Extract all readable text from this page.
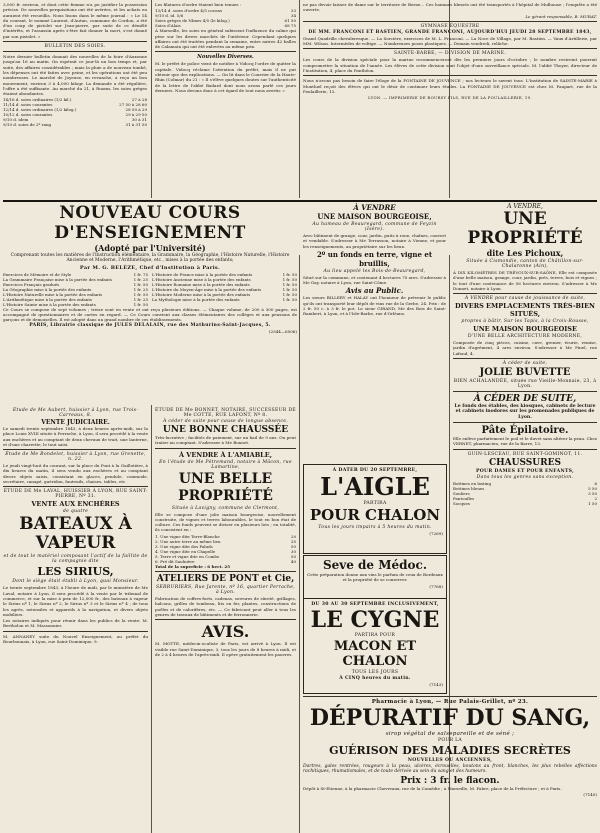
3,000 fr. environ, et dont cette femme n'a pu justifier la possession précise. De nouvelles perquisitions ont été avérées, et les achats en auraient été recueillis. Nous lisons dans le même journal : « Le 14 du courant, le nommé Laurent, d'Autun, commune de Cordon, a été d'un coup de pistolet sur Jean-pierre, par suite de ce démêlé d'intérêts, et l'assassin après s'être fait donner la mort, s'est donné par son pistolet. »

BULLETIN DES SOIES.

Notre dernier bulletin donnait des nouvelles de la foire d'Auxonne jusqu'au 16 au matin. On espérait ce jour-là un bon temps et, par suite, des affaires considérables ; mais la pluie a de nouveau tombé, les dépenses ont été faites avec peine, et les opérations ont été peu nombreuses. Le marché de Joyeuse, en revanche, a reçu un bon mouvement, environ 3 à 4,000 kilogr. La demande a été régulière, l'offre a été suffisante. Au marché du 21, à Ruoms, les soies grèges étaient abondantes.

14/16 d. soies ordinaires (1/2 kil.)	27 à 28
11/14 d. soies courantes	27 50 à 28 60
12/14 d. soies ordinaires (1/2 kilog.)	28 50 à 29
10/12 d. soies courantes	29 à 29 50
9/10 d. idem	30 à 31
9/10 d. soies de 2º rang	31 à 31 50

Les filatures d'ordre étaient bien tenues :

13/14 d. soies d'ordre 4/5 cocons	33
9/10 d. id. 5/6	34
Soies grèges de Nîmes 4/5 (le kilog.)	61 50
Soies d'Alais	68 75

À Marseille, les soies en général subissent l'influence du calme qui pèse sur les divers marchés de l'intérieur. Cependant quelques affaires ont été traitées pendant la semaine, entre autres 42 balles de Calamata qui ont été enlevées au même prix.

Nouvelles Diverses.

M. le préfet de police vient de notifier à Vidocq l'ordre de quitter la capitale. Vidocq réclame l'attention du préfet, mais il ne put obtenir que des explications. — On lit dans le Courrier de la Haute-Rhin (Colmar) du 21 : « Il s'élève quelques doutes sur l'authenticité de la lettre de l'abbé Bailard dont nous avons parlé ces jours derniers. Nous devons donc à cet égard de tout nous avertir. »

ne pas devoir laisser de dame sur le territoire de Berne... Ces hommes blessés ont été transportés à l'hôpital de Mulhouse ; l'enquête a été ouverte.

Le gérant responsable, B. MURAT.

GYMNASE ÉQUESTRE

DE MM. FRANCONI ET BASTIEN, GRANDE FRANCONI, AUJOURD'HUI JEUDI 28 SEPTEMBRE 1843,

Grand Quadrille chevaleresque. — La Sorcière, exercices de M. L. Franconi. — La Noce de Village, par M. Bastien. — Vaux d'Artillerie, par MM. Wilson. Intermèdes de voltige. — Nombreuses poses plastiques. — Demain vendredi, relâche.

SAINTE-BARBE, — DIVISION DE MARINE.

Les cours de la division spéciale pour la marine recommenceront dès les premiers jours d'octobre ; le nombre restreint pourrait compromettre la situation de l'année. Les élèves de cette division sont l'objet d'une surveillance spéciale. M. l'abbé Thoyer, directeur de l'Institution, 4, place du Panthéon.

Nous n'avons pas besoin de faire l'éloge de la FONTAINE DE JOUVENCE ; nos lecteurs le savent tous. L'Institution de SAINTE-MARIE à Montluel reçoit des élèves qui ont le désir de continuer leurs études. La FONTAINE DE JOUVENCE est chez M. Paupart, rue de la Poulaillerie, 13.

LYON. — IMPRIMERIE DE BOURSY FILS, RUE DE LA POULAILLERIE, 19.

NOUVEAU COURS D'ENSEIGNEMENT

(Adopté par l'Université)

Comprenant toutes les matières de l'Instruction élémentaire, la Grammaire, la Géographie, l'Histoire Naturelle, l'Histoire Ancienne et Moderne, l'Arithmétique, etc., mises à la portée des enfants;

Par M. G. BELÈZE, Chef d'Institution à Paris.

Exercices de Mémoire et de Style	1 fr. 75
La Grammaire Française mise à la portée des enfants	1 fr. 25
Exercices Français gradués	1 fr. 50
La Géographie mise à la portée des enfants	1 fr. 25
L'Histoire Naturelle mise à la portée des enfants	1 fr. 50
L'Arithmétique mise à la portée des enfants	1 fr. 25
L'Histoire Sainte mise à la portée des enfants	1 fr. 50
L'Histoire de France mise à la portée des enfants	1 fr. 50
L'Histoire Ancienne mise à la portée des enfants	1 fr. 50
L'Histoire Romaine mise à la portée des enfants	1 fr. 50
L'Histoire du Moyen-Âge mise à la portée des enfants	1 fr. 50
L'Histoire Moderne mise à la portée des enfants	1 fr. 50
La Mythologie mise à la portée des enfants	1 fr. 50

Ce Cours se compose de sept volumes ; treize sont en vente et ont reçu plusieurs éditions. — Chaque volume, de 200 à 300 pages, est accompagné de questionnaires et de cartes en regard. — Ce Cours convient aux classes élémentaires des collèges et aux pensions de garçons et de demoiselles. Il est adopté dans un grand nombre de ces établissements.

PARIS, Librairie classique de JULES DELALAIN, rue des Mathurins-Saint-Jacques, 5.

(2544—6506)

À VENDRE

UNE MAISON BOURGEOISE,

Au hameau de Beauregard, commune de Feyzin (Isère).

Avec bâtiment de grange, cour, jardin, puits à roue, chaînes, couvert et vendable. S'adresser à Me Terrasson, notaire à Vienne, et pour les renseignements, au propriétaire sur les lieux.

2º un fonds en terre, vigne et bruillis,

Au lieu appelé les Bois-de-Beauregard,

Situé sur la commune, et contenant 4 hectares 70 ares. S'adresser à Me Gay, notaire à Lyon, rue Saint-Côme.

Avis au Public.

Les sieurs BILLERY et HALAY ont l'honneur de prévenir le public qu'ils ont transporté leur dépôt de vins rue de la Gerbe, 24. Prix : de 2 fr. 50 c. à 3 fr. le pot. Le sieur GIRAND, Me des Bois de Saint-Rambert, à Lyon, et à l'Isle-Barbe, rue d'Orléans.

A VENDRE,

UNE PROPRIÉTÉ

dite Les Pichoux,

Située à Cismondie, canton de Châtillon-sur-Chalaronne (Ain),

À DIX KILOMÈTRES DE TRÉVOUX-SUR-SAÔNE, Elle est composée d'une belle maison, grange, cour, jardin, prés, terres, bois et vignes ; le tout d'une contenance de 56 hectares environ. S'adresser à Me Donnet, notaire à Lyon.

À VENDRE pour cause de jouissance de suite,

DIVERS EMPLACEMENTS TRÈS-BIEN SITUÉS,

propres à bâtir, Sur les Tapis, à la Croix-Rousse,

UNE MAISON BOURGEOISE

D'UNE BELLE ARCHITECTURE MODERNE,

Composée de cinq pièces, cuisine, cave, grenier, écurie, remise, jardin d'agrément, 4 ares environ. S'adresser à Me Pinel, rue Lafond, 4.

À céder de suite,

JOLIE BUVETTE

BIEN ACHALANDÉE, située rue Vieille-Monnaie, 23, à Lyon.

À CÉDER DE SUITE,

Le fonds des étables, des kiosques, cabinets de lecture et cabinets inodores sur les promenades publiques de Lyon.

Pâte Épilatoire.

Elle enlève parfaitement le poil et le duvet sans altérer la peau. Chez VERNET, pharmacien, rue de la Barre, 13.

GUIN-LESCEAU, RUE SAINT-GOMINOT, 11.

CHAUSSURES

POUR DAMES ET POUR ENFANTS,

Dans tous les genres sans exception.

Bottines en lasting	6
Bottines bleues	5 50
Souliers	3 50
Pantoufles	2
Socques	1 50

Étude de Me Aubert, huissier à Lyon, rue Trois-Carreaux, 8.

VENTE JUDICIAIRE.

Le samedi trente septembre 1843, à deux heures après-midi, sur la place Louis XVIII située à Perrache, à Lyon, il sera procédé à la vente aux enchères et au comptant de deux chevaux de trait, une lanterne, et d'une charrette, le tout saisi.

Étude de Me Bondelet, huissier à Lyon, rue Grenette, n. 22.

Le jeudi vingt-huit du courant, sur la place du Pont à la Guillotière, à dix heures du matin, il sera vendu aux enchères et au comptant divers objets saisis, consistant en glaces, pendule, commode, secrétaire, canapé, guéridon, fauteuils, chaises, tables, etc.

ÉTUDE DE Me LAVAL, HUISSIER À LYON, RUE SAINT-PIERRE, Nº 31.

VENTE AUX ENCHÈRES

de quatre

BATEAUX À VAPEUR

et de tout le matériel composant l'actif de la faillite de la compagnie dite

LES SIRIUS,

Dont le siège était établi à Lyon, quai Monsieur.

Le trente septembre 1843, à l'heure de midi, par le ministère de Me Laval, notaire à Lyon, il sera procédé à la vente par le tribunal de commerce, et sur la mise à prix de 12,000 fr., des bateaux à vapeur le Sirius nº 1, le Sirius nº 2, le Sirius nº 3 et le Sirius nº 4 ; de tous les agrès, ustensiles et appareils à la navigation, et divers objets mobiliers.

Les notaires indiqués pour réunir dans les publics de la vente: M. Bertholon et M. Massonnier.

M. ANNANEY suite du Nouvel Enseignement, au préfet du Bourbonnais, à Lyon, rue Saint-Dominique, 9.

ÉTUDE DE Me BONNET, NOTAIRE, SUCCESSEUR DE Me COTTE, RUE LAFONT, Nº 8.

À céder de suite pour cause de longue absence,

UNE BONNE CHAUSSÉE

Très-lucrative ; facilités de paiement, sur un bail de 9 ans. On peut traiter au comptant. S'adresser à Me Bonnet.

À VENDRE À L'AMIABLE,

En l'étude de Me Pétremand, notaire à Mâcon, rue Lamartine,

UNE BELLE PROPRIÉTÉ

Située à Lavigny, commune de Clermont,

Elle se compose d'une jolie maison bourgeoise, nouvellement construite, de vignes et terres labourables, le tout en bon état de culture. Ces fonds peuvent se diviser en plusieurs lots ; en totalité, ils consistent en :

1. Une vigne dite Terre-Blanche	20
2. Une autre terre au même lieu	35
3. Une vigne dite des Paluds	50
4. Une vigne dite en Chapelle	30
5. Terre et vigne dite en Combe	50
6. Pré dit Saulnière	40

Total de la superficie : 6 hect. 25

ATELIERS DE PONT et Cie,

SERRURIERS, Rue Jarente, nº 16, quartier Perrache, à Lyon.

Fabrication de coffres-forts, cadenas, serrures de sûreté, grillages, balcons, grilles de tombeau, lits en fer, plantes, constructions de poêles et de calorifères, etc. — Ce fabricant peut aller à tous les genres de travaux de bâtiments et de ferronnerie.

AVIS.

M. MOTTE, médecin-oculiste de Paris, est arrivé à Lyon. Il est visible rue Saint-Dominique, 3, tous les jours de 8 heures à midi, et de 2 à 4 heures de l'après-midi. Il opère gratuitement les pauvres.

À DATER DU 20 SEPTEMBRE,

L'AIGLE

PARTIRA

POUR CHALON

Tous les jours impairs à 5 heures du matin.

(7269)

Seve de Médoc.

Cette préparation donne aux vins le parfum de ceux de Bordeaux et la propriété de se conserver.

(7768)

DU 30 AU 30 SEPTEMBRE INCLUSIVEMENT,

LE CYGNE

PARTIRA POUR

MACON ET CHALON

TOUS LES JOURS

À CINQ heures du matin.

(7143)

Pharmacie à Lyon, — Rue Palais-Grillet, nº 23.

DÉPURATIF DU SANG,

sirop végétal de salsepareille et de séné ;

POUR LA

GUÉRISON DES MALADIES SECRÈTES

NOUVELLES OU ANCIENNES,

Dartres, gales rentrées, rougeurs à la peau, ulcères, écrouelles, boutons au front, blanches, les plus rebelles affections rachitiques, rhumatismales, et de toute dérivée au sein du sang et des humeurs.

Prix : 3 fr. le flacon.

Dépôt à St-Etienne, à la pharmacie Chevreaux, rue de la Comédie ; à Marseille, M. Fabre, place de la Préfecture ; et à Paris.

(7140)
